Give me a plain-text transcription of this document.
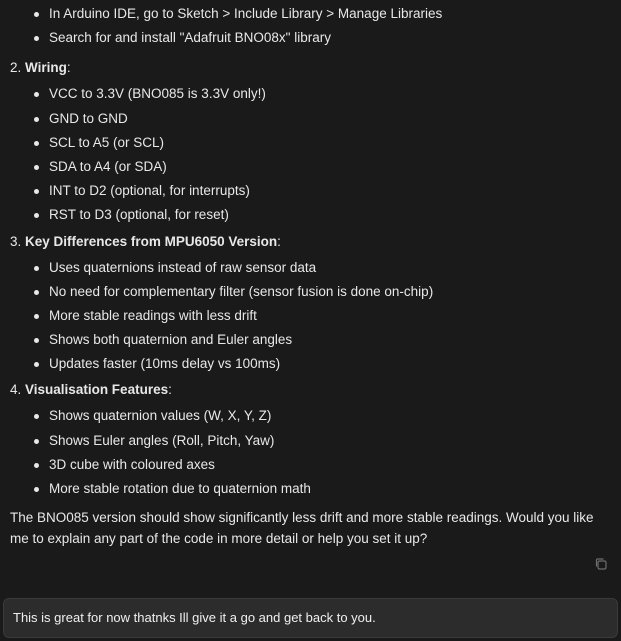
In Arduino IDE, go to Sketch > Include Library > Manage Libraries
Search for and install "Adafruit BNO08x" library
2. Wiring:
VCC to 3.3V (BNO085 is 3.3V only!)
GND to GND
SCL to A5 (or SCL)
SDA to A4 (or SDA)
INT to D2 (optional, for interrupts)
RST to D3 (optional, for reset)
3. Key Differences from MPU6050 Version:
Uses quaternions instead of raw sensor data
No need for complementary filter (sensor fusion is done on-chip)
More stable readings with less drift
Shows both quaternion and Euler angles
Updates faster (10ms delay vs 100ms)
4. Visualisation Features:
Shows quaternion values (W, X, Y, Z)
Shows Euler angles (Roll, Pitch, Yaw)
3D cube with coloured axes
More stable rotation due to quaternion math
The BNO085 version should show significantly less drift and more stable readings. Would you like me to explain any part of the code in more detail or help you set it up?
This is great for now thatnks Ill give it a go and get back to you.
